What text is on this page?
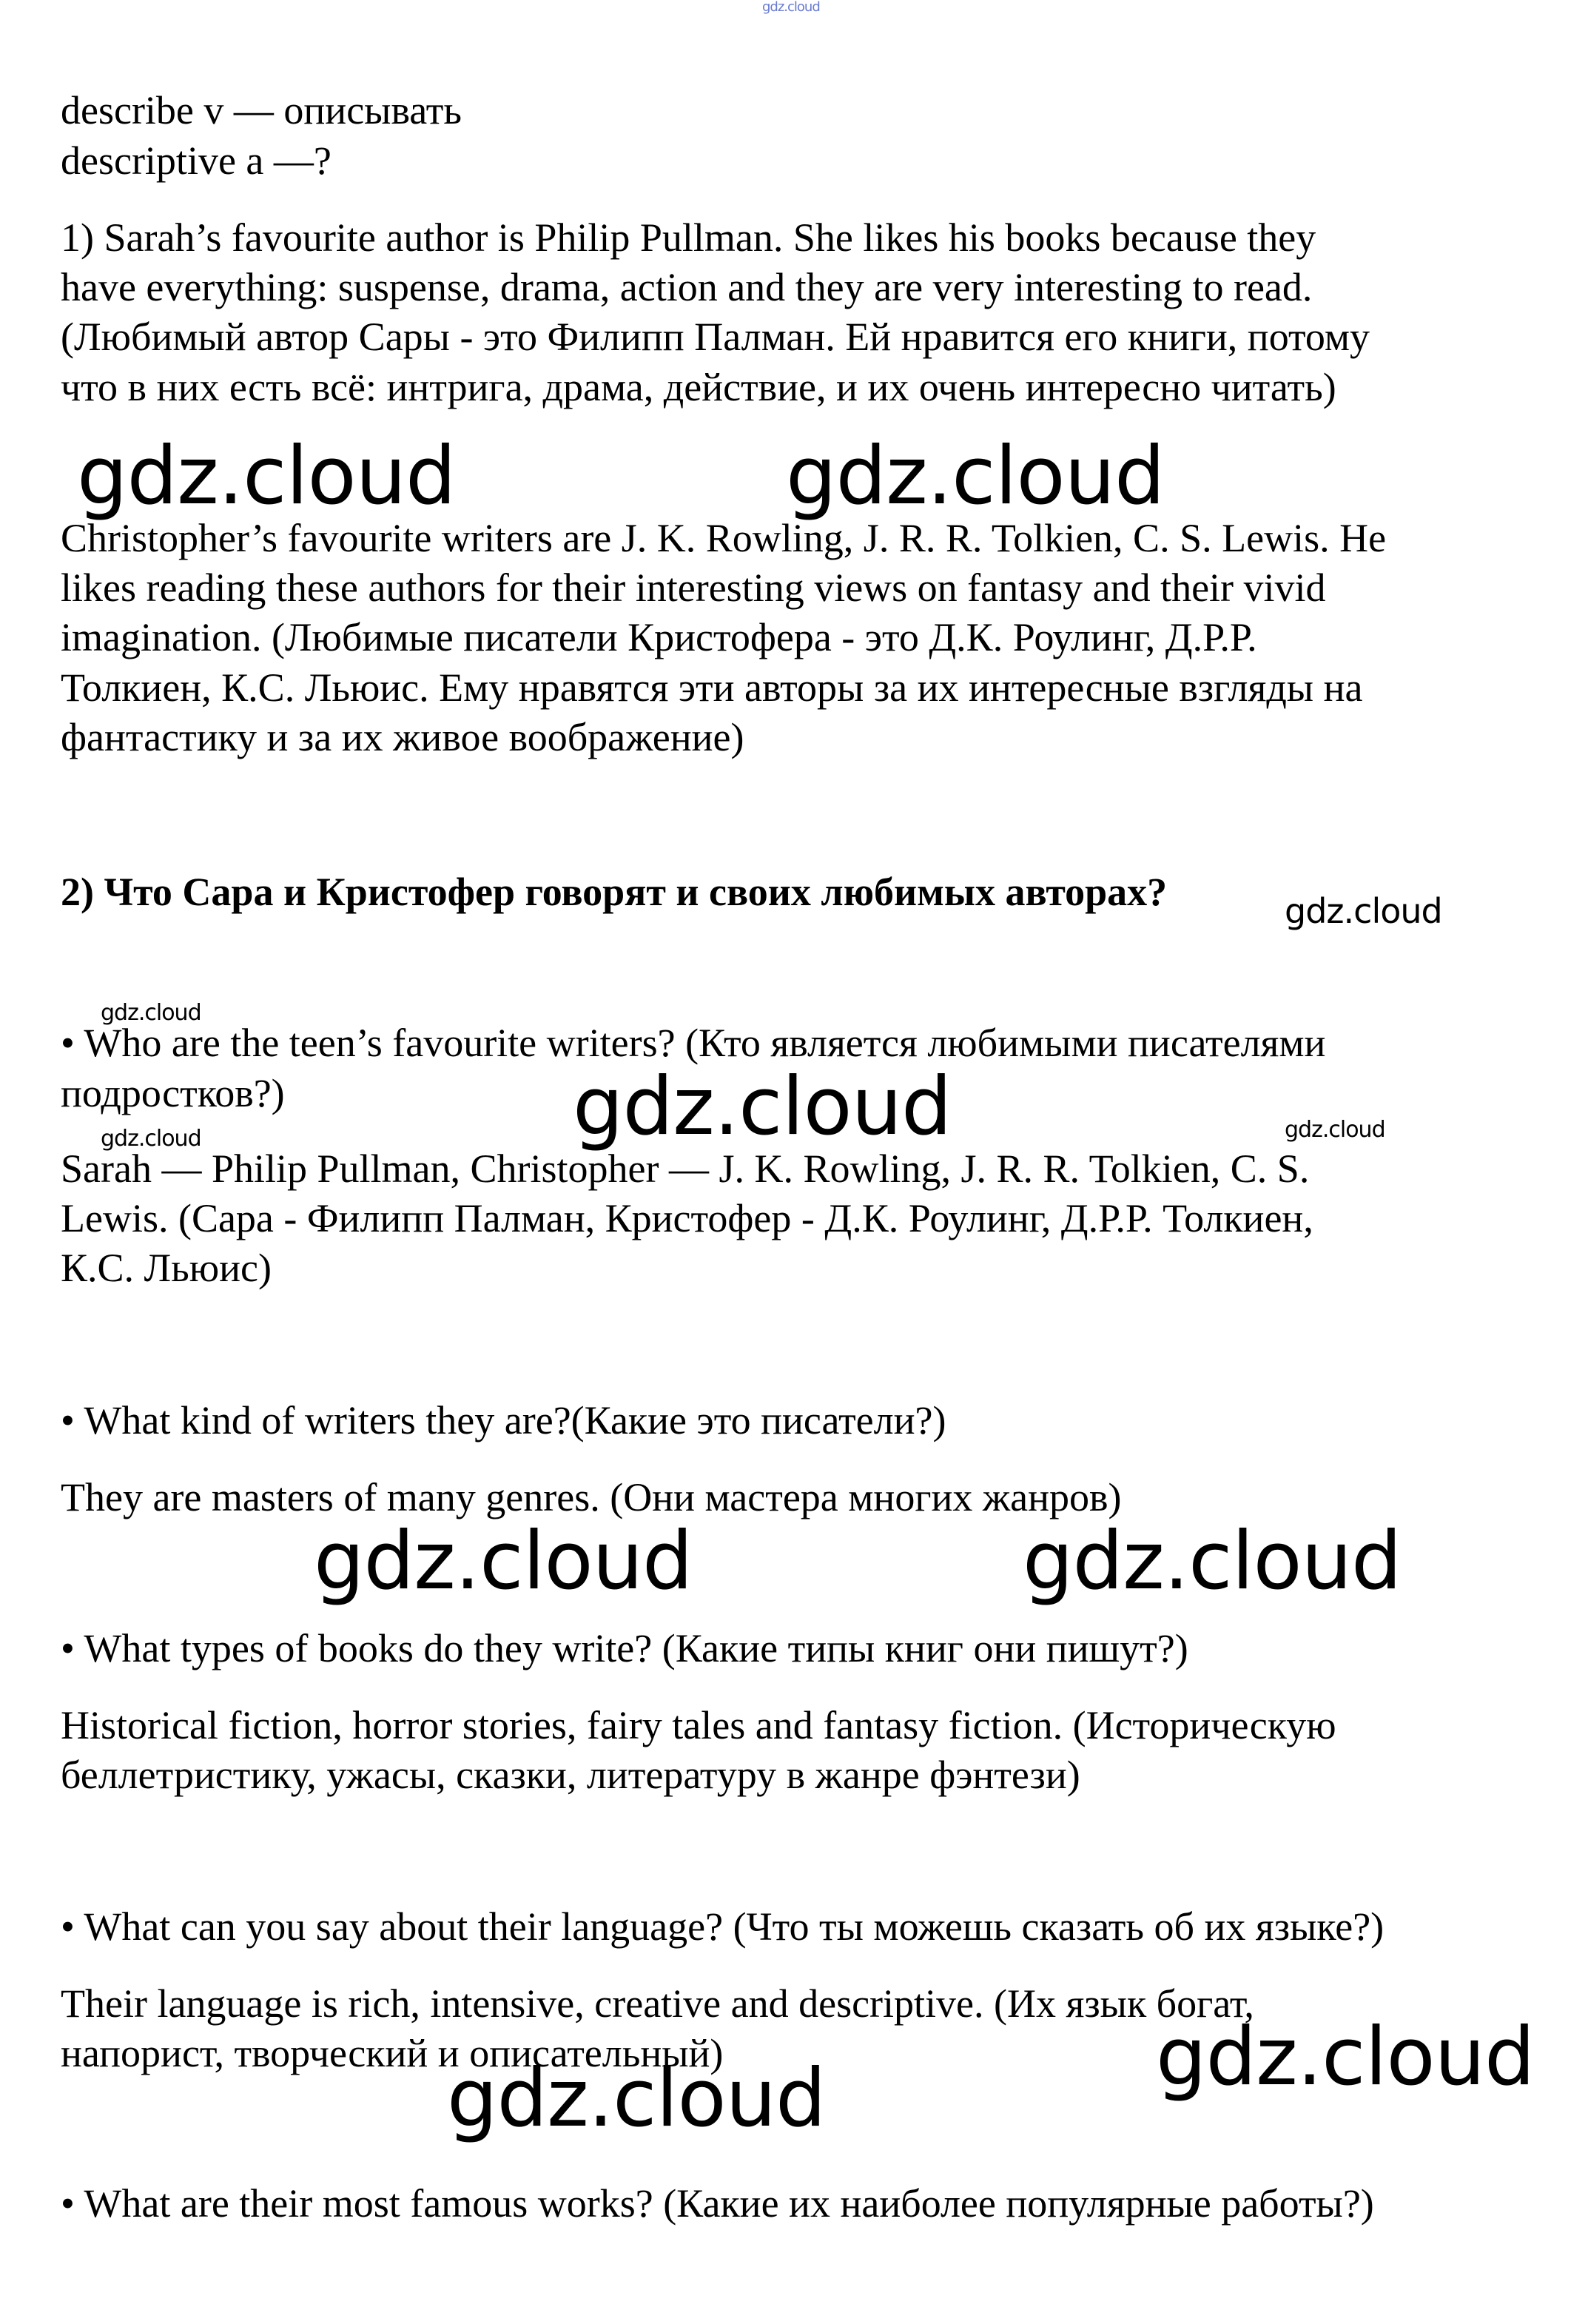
gdz.cloud

describe v — описывать

descriptive a —?

1) Sarah’s favourite author is Philip Pullman. She likes his books because they

have everything: suspense, drama, action and they are very interesting to read.

(Любимый автор Сары - это Филипп Палман. Ей нравится его книги, потому

что в них есть всё: интрига, драма, действие, и их очень интересно читать)

gdz.cloud	gdz.cloud

Christopher’s favourite writers are J. K. Rowling, J. R. R. Tolkien, C. S. Lewis. He

likes reading these authors for their interesting views on fantasy and their vivid

imagination. (Любимые писатели Кристофера - это Д.К. Роулинг, Д.Р.Р.

Толкиен, К.С. Льюис. Ему нравятся эти авторы за их интересные взгляды на

фантастику и за их живое воображение)

2) Что Сара и Кристофер говорят и своих любимых авторах?	gdz.cloud
gdz.cloud

• Who are the teen’s favourite writers? (Кто является любимыми писателями

подростков?)	gdz.cloud
gdz.cloud	gdz.cloud

Sarah — Philip Pullman, Christopher — J. K. Rowling, J. R. R. Tolkien, C. S.

Lewis. (Сара - Филипп Палман, Кристофер - Д.К. Роулинг, Д.Р.Р. Толкиен,

К.С. Льюис)

• What kind of writers they are?(Какие это писатели?)

They are masters of many genres. (Они мастера многих жанров)

gdz.cloud	gdz.cloud

• What types of books do they write? (Какие типы книг они пишут?)

Historical fiction, horror stories, fairy tales and fantasy fiction. (Историческую

беллетристику, ужасы, сказки, литературу в жанре фэнтези)

• What can you say about their language? (Что ты можешь сказать об их языке?)

Their language is rich, intensive, creative and descriptive. (Их язык богат,

напорист, творческий и описательный)	gdz.cloud
gdz.cloud

• What are their most famous works? (Какие их наиболее популярные работы?)
